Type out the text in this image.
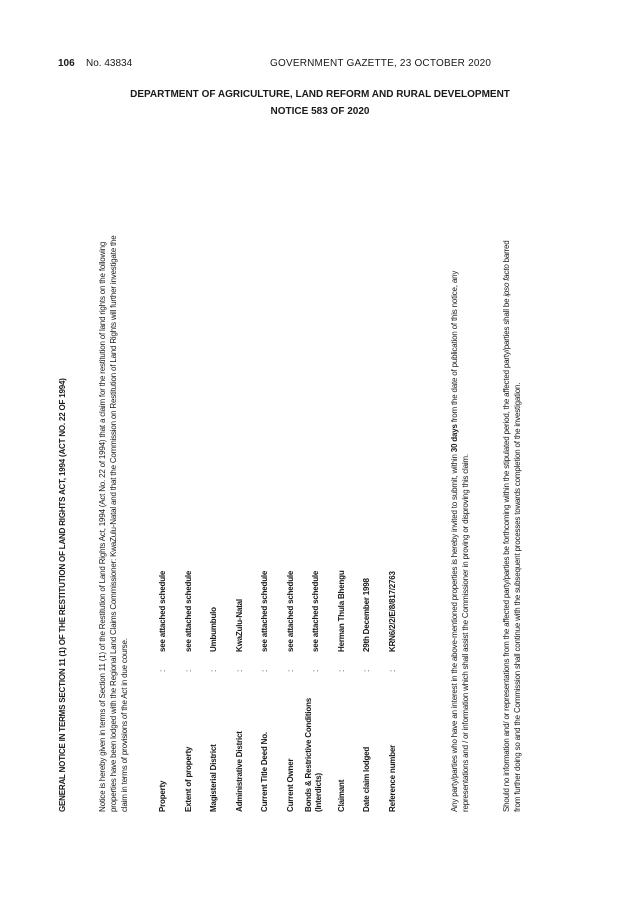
106 No. 43834	GOVERNMENT GAZETTE, 23 OCTOBER 2020
DEPARTMENT OF AGRICULTURE, LAND REFORM AND RURAL DEVELOPMENT
NOTICE 583 OF 2020
GENERAL NOTICE IN TERMS SECTION 11 (1) OF THE RESTITUTION OF LAND RIGHTS ACT, 1994 (ACT NO. 22 OF 1994)	Notice is hereby given in terms of Section 11 (1) of the Restitution of Land Rights Act, 1994 (Act No. 22 of 1994) that a claim for the restitution of land rights on the following properties have been lodged with the Regional Land Claims Commissioner: KwaZulu-Natal and that the Commission on Restitution of Land Rights will further investigate the claim in terms of provisions of the Act in due course.	Property
:
see attached schedule
Extent of property
:
see attached schedule
Magisterial District
:
Umbumbulo
Administrative District
:
KwaZulu-Natal
Current Title Deed No.
:
see attached schedule
Current Owner
:
see attached schedule
Bonds & Restrictive Conditions (Interdicts)
:
see attached schedule
Claimant
:
Herman Thula Bhengu
Date claim lodged
:
29th December 1998
Reference number
:
KRN6/2/2/E/8/817/2763	Any party/parties who have an interest in the above-mentioned properties is hereby invited to submit, within 30 days from the date of publication of this notice, any representations and / or information which shall assist the Commissioner in proving or disproving this claim.	Should no information and/ or representations from the affected party/parties be forthcoming within the stipulated period, the affected party/parties shall be ipso facto barred from further doing so and the Commission shall continue with the subsequent processes towards completion of the investigation.
